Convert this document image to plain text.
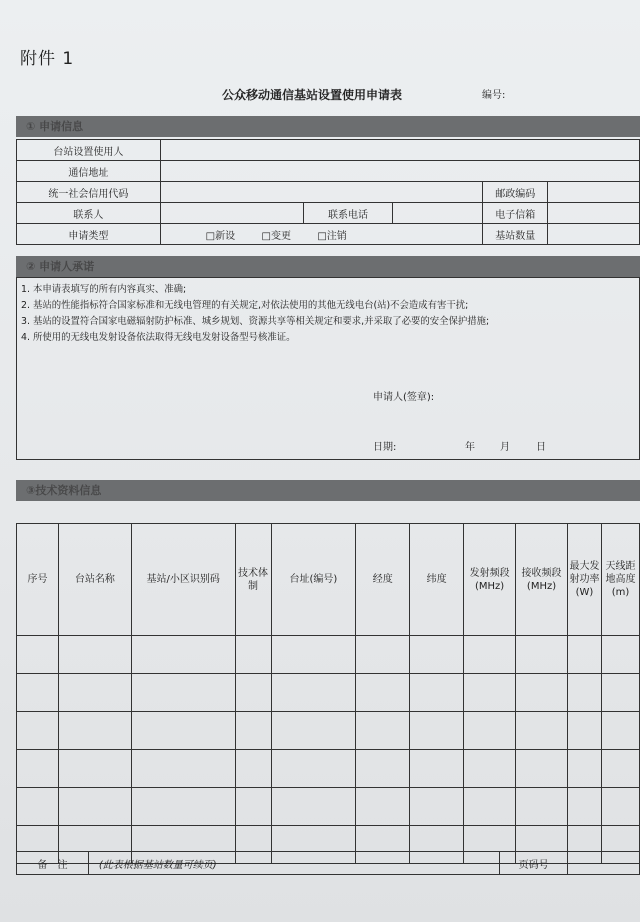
附件 1
公众移动通信基站设置使用申请表	编号:
① 申请信息
台站设置使用人					
通信地址					
统一社会信用代码				邮政编码	
联系人		联系电话		电子信箱	
申请类型	□新设 □变更 □注销			基站数量	
② 申请人承诺
1. 本申请表填写的所有内容真实、准确;
2. 基站的性能指标符合国家标准和无线电管理的有关规定,对依法使用的其他无线电台(站)不会造成有害干扰;
3. 基站的设置符合国家电磁辐射防护标准、城乡规划、资源共享等相关规定和要求,并采取了必要的安全保护措施;
4. 所使用的无线电发射设备依法取得无线电发射设备型号核准证。
申请人(签章):
日期:	年	月	日
③技术资料信息
序号	台站名称	基站/小区识别码	技术体制	台址(编号)	经度	纬度	发射频段(MHz)	接收频段(MHz)	最大发射功率(W)	天线距地高度(m)

备　注	(此表根据基站数量可续页)	页码号	
